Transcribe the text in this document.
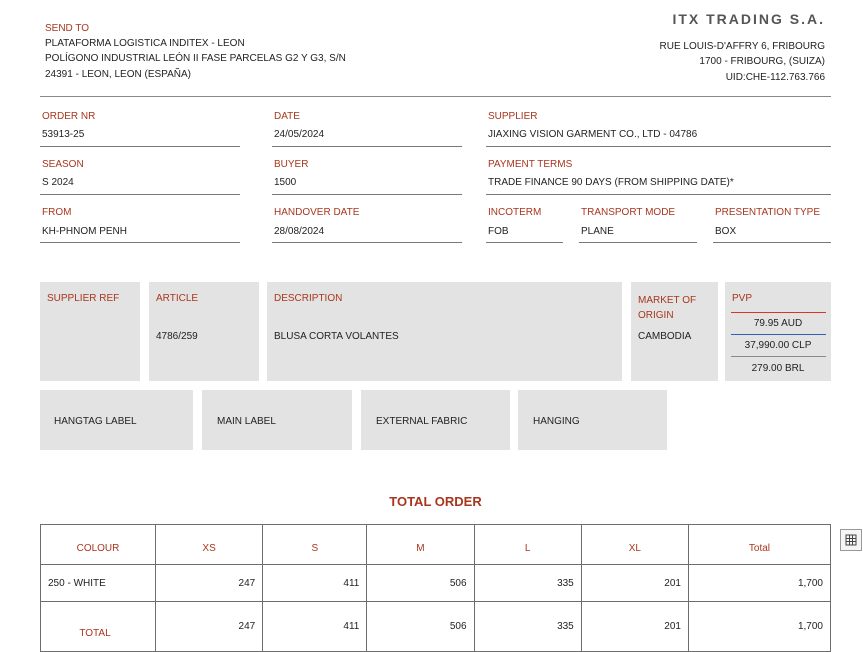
SEND TO
PLATAFORMA LOGISTICA INDITEX - LEON
POLÍGONO INDUSTRIAL LEÓN II FASE PARCELAS G2 Y G3, S/N
24391 - LEON, LEON (ESPAÑA)
ITX TRADING S.A.
RUE LOUIS-D'AFFRY 6, FRIBOURG
1700 - FRIBOURG, (SUIZA)
UID:CHE-112.763.766
ORDER NR
53913-25
DATE
24/05/2024
SUPPLIER
JIAXING VISION GARMENT CO., LTD - 04786
SEASON
S 2024
BUYER
1500
PAYMENT TERMS
TRADE FINANCE 90 DAYS (FROM SHIPPING DATE)*
FROM
KH-PHNOM PENH
HANDOVER DATE
28/08/2024
INCOTERM
FOB
TRANSPORT MODE
PLANE
PRESENTATION TYPE
BOX
SUPPLIER REF	ARTICLE
4786/259
DESCRIPTION
BLUSA CORTA VOLANTES
MARKET OF ORIGIN
CAMBODIA
PVP
79.95 AUD
37,990.00 CLP
279.00 BRL
HANGTAG LABEL	MAIN LABEL	EXTERNAL FABRIC	HANGING
TOTAL ORDER
COLOUR	XS	S	M	L	XL	Total
250 - WHITE	247	411	506	335	201	1,700
TOTAL	247	411	506	335	201	1,700
